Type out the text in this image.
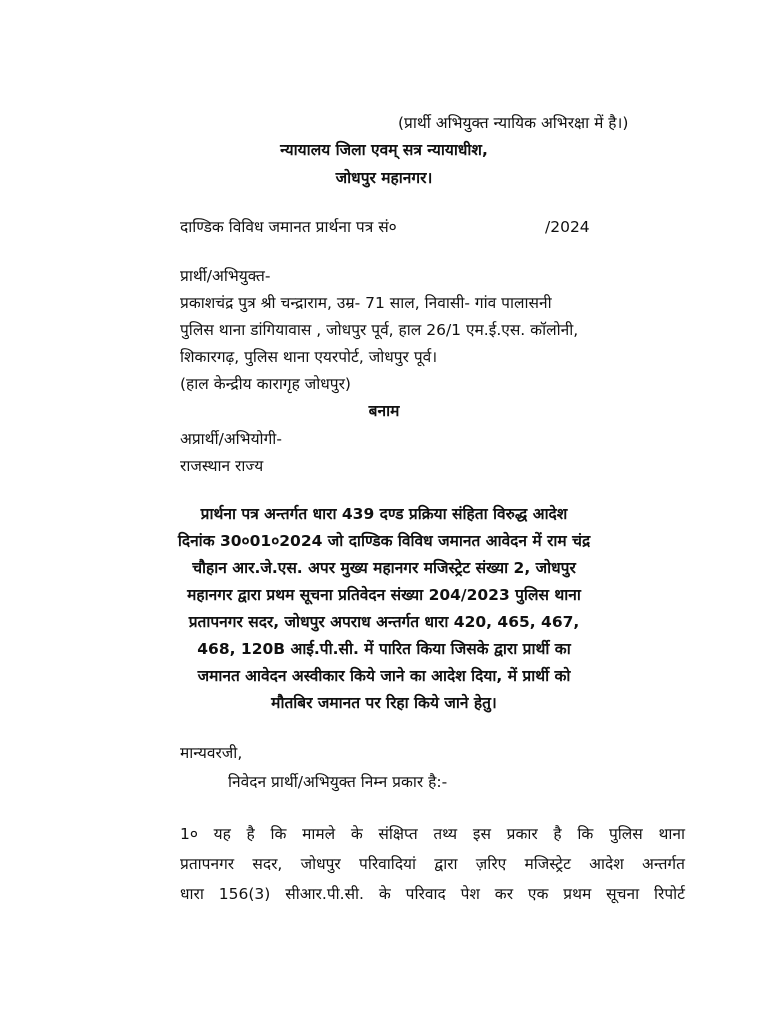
(प्रार्थी अभियुक्त न्यायिक अभिरक्षा में है।)
न्यायालय जिला एवम् सत्र न्यायाधीश,
जोधपुर महानगर।
दाण्डिक विविध जमानत प्रार्थना पत्र सं०	/2024
प्रार्थी/अभियुक्त-
प्रकाशचंद्र पुत्र श्री चन्द्राराम, उम्र- 71 साल, निवासी- गांव पालासनी
पुलिस थाना डांगियावास , जोधपुर पूर्व, हाल 26/1 एम.ई.एस. कॉलोनी,
शिकारगढ़, पुलिस थाना एयरपोर्ट, जोधपुर पूर्व।
(हाल केन्द्रीय कारागृह जोधपुर)
बनाम
अप्रार्थी/अभियोगी-
राजस्थान राज्य
प्रार्थना पत्र अन्तर्गत धारा 439 दण्ड प्रक्रिया संहिता विरुद्ध आदेश
दिनांक 30०01०2024 जो दाण्डिक विविध जमानत आवेदन में राम चंद्र
चौहान आर.जे.एस. अपर मुख्य महानगर मजिस्ट्रेट संख्या 2, जोधपुर
महानगर द्वारा प्रथम सूचना प्रतिवेदन संख्या 204/2023 पुलिस थाना
प्रतापनगर सदर, जोधपुर अपराध अन्तर्गत धारा 420, 465, 467,
468, 120B आई.पी.सी. में पारित किया जिसके द्वारा प्रार्थी का
जमानत आवेदन अस्वीकार किये जाने का आदेश दिया, में प्रार्थी को
मौतबिर जमानत पर रिहा किये जाने हेतु।
मान्यवरजी,
निवेदन प्रार्थी/अभियुक्त निम्न प्रकार है:-
1० यह है कि मामले के संक्षिप्त तथ्य इस प्रकार है कि पुलिस थाना
प्रतापनगर सदर, जोधपुर परिवादियां द्वारा ज़रिए मजिस्ट्रेट आदेश अन्तर्गत
धारा 156(3) सीआर.पी.सी. के परिवाद पेश कर एक प्रथम सूचना रिपोर्ट
